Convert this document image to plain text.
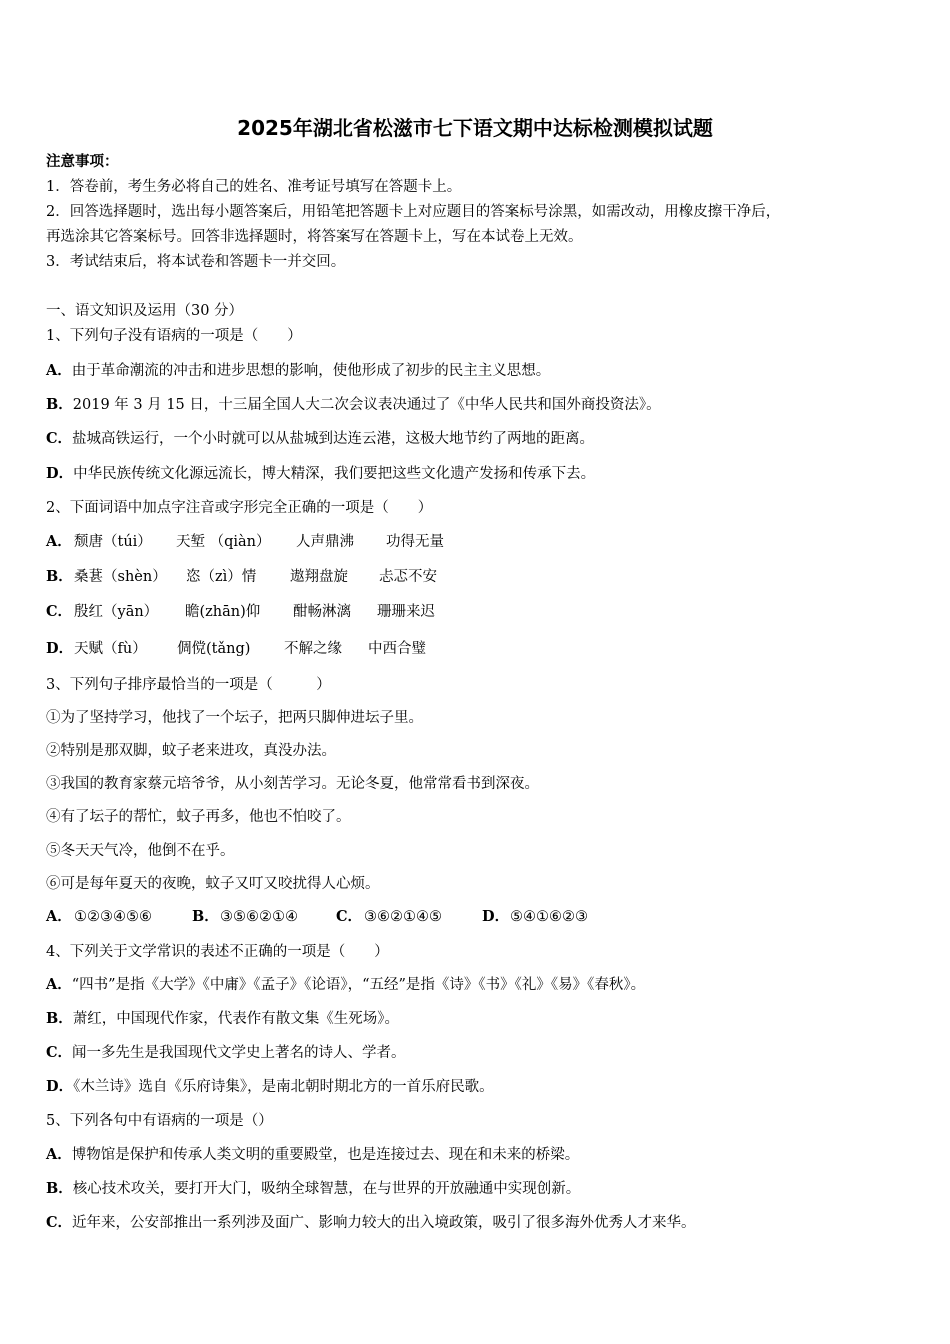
2025年湖北省松滋市七下语文期中达标检测模拟试题
注意事项：
1．答卷前，考生务必将自己的姓名、准考证号填写在答题卡上。
2．回答选择题时，选出每小题答案后，用铅笔把答题卡上对应题目的答案标号涂黑，如需改动，用橡皮擦干净后，
再选涂其它答案标号。回答非选择题时，将答案写在答题卡上，写在本试卷上无效。
3．考试结束后，将本试卷和答题卡一并交回。
一、语文知识及运用（30 分）
1、下列句子没有语病的一项是（　　）
A．由于革命潮流的冲击和进步思想的影响，使他形成了初步的民主主义思想。
B．2019 年 3 月 15 日，十三届全国人大二次会议表决通过了《中华人民共和国外商投资法》。
C．盐城高铁运行，一个小时就可以从盐城到达连云港，这极大地节约了两地的距离。
D．中华民族传统文化源远流长，博大精深，我们要把这些文化遗产发扬和传承下去。
2、下面词语中加点字注音或字形完全正确的一项是（　　）
A． 颓唐（túi） 天堑 （qiàn） 人声鼎沸 功得无量
B． 桑葚（shèn） 恣（zì）情 遨翔盘旋 忐忑不安
C． 殷红（yān） 瞻(zhān)仰 酣畅淋漓 珊珊来迟
D． 天赋（fù） 倜傥(tǎng) 不解之缘 中西合璧
3、下列句子排序最恰当的一项是（　　　）
①为了坚持学习，他找了一个坛子，把两只脚伸进坛子里。
②特别是那双脚，蚊子老来进攻，真没办法。
③我国的教育家蔡元培爷爷，从小刻苦学习。无论冬夏，他常常看书到深夜。
④有了坛子的帮忙，蚊子再多，他也不怕咬了。
⑤冬天天气冷，他倒不在乎。
⑥可是每年夏天的夜晚，蚊子又叮又咬扰得人心烦。
A． ①②③④⑤⑥	B． ③⑤⑥②①④	C． ③⑥②①④⑤	D． ⑤④①⑥②③
4、下列关于文学常识的表述不正确的一项是（　　）
A．“四书”是指《大学》《中庸》《孟子》《论语》，“五经”是指《诗》《书》《礼》《易》《春秋》。
B．萧红，中国现代作家，代表作有散文集《生死场》。
C．闻一多先生是我国现代文学史上著名的诗人、学者。
D．《木兰诗》选自《乐府诗集》，是南北朝时期北方的一首乐府民歌。
5、下列各句中有语病的一项是（）
A．博物馆是保护和传承人类文明的重要殿堂，也是连接过去、现在和未来的桥梁。
B．核心技术攻关，要打开大门，吸纳全球智慧，在与世界的开放融通中实现创新。
C．近年来，公安部推出一系列涉及面广、影响力较大的出入境政策，吸引了很多海外优秀人才来华。
